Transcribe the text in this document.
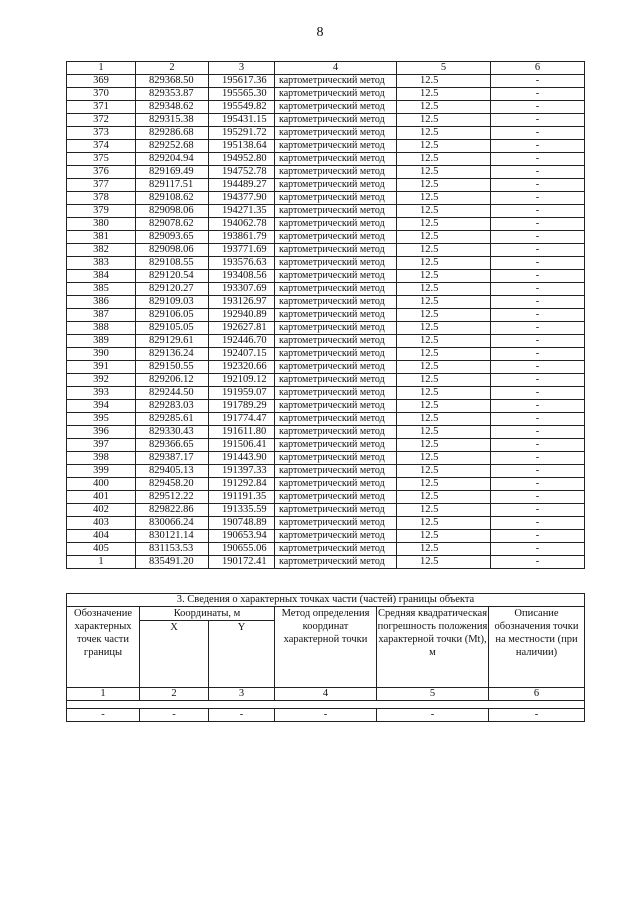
8
1	2	3	4	5	6
369	829368.50	195617.36	картометрический метод	12.5	-
370	829353.87	195565.30	картометрический метод	12.5	-
371	829348.62	195549.82	картометрический метод	12.5	-
372	829315.38	195431.15	картометрический метод	12.5	-
373	829286.68	195291.72	картометрический метод	12.5	-
374	829252.68	195138.64	картометрический метод	12.5	-
375	829204.94	194952.80	картометрический метод	12.5	-
376	829169.49	194752.78	картометрический метод	12.5	-
377	829117.51	194489.27	картометрический метод	12.5	-
378	829108.62	194377.90	картометрический метод	12.5	-
379	829098.06	194271.35	картометрический метод	12.5	-
380	829078.62	194062.78	картометрический метод	12.5	-
381	829093.65	193861.79	картометрический метод	12.5	-
382	829098.06	193771.69	картометрический метод	12.5	-
383	829108.55	193576.63	картометрический метод	12.5	-
384	829120.54	193408.56	картометрический метод	12.5	-
385	829120.27	193307.69	картометрический метод	12.5	-
386	829109.03	193126.97	картометрический метод	12.5	-
387	829106.05	192940.89	картометрический метод	12.5	-
388	829105.05	192627.81	картометрический метод	12.5	-
389	829129.61	192446.70	картометрический метод	12.5	-
390	829136.24	192407.15	картометрический метод	12.5	-
391	829150.55	192320.66	картометрический метод	12.5	-
392	829206.12	192109.12	картометрический метод	12.5	-
393	829244.50	191959.07	картометрический метод	12.5	-
394	829283.03	191789.29	картометрический метод	12.5	-
395	829285.61	191774.47	картометрический метод	12.5	-
396	829330.43	191611.80	картометрический метод	12.5	-
397	829366.65	191506.41	картометрический метод	12.5	-
398	829387.17	191443.90	картометрический метод	12.5	-
399	829405.13	191397.33	картометрический метод	12.5	-
400	829458.20	191292.84	картометрический метод	12.5	-
401	829512.22	191191.35	картометрический метод	12.5	-
402	829822.86	191335.59	картометрический метод	12.5	-
403	830066.24	190748.89	картометрический метод	12.5	-
404	830121.14	190653.94	картометрический метод	12.5	-
405	831153.53	190655.06	картометрический метод	12.5	-
1	835491.20	190172.41	картометрический метод	12.5	-
3. Сведения о характерных точках части (частей) границы объекта					
Обозначение характерных точек части границы	Координаты, м		Метод определения координат характерной точки	Средняя квадратическая погрешность положения характерной точки (Mt), м	Описание обозначения точки на местности (при наличии)
	X	Y			
1	2	3	4	5	6

-	-	-	-	-	-
